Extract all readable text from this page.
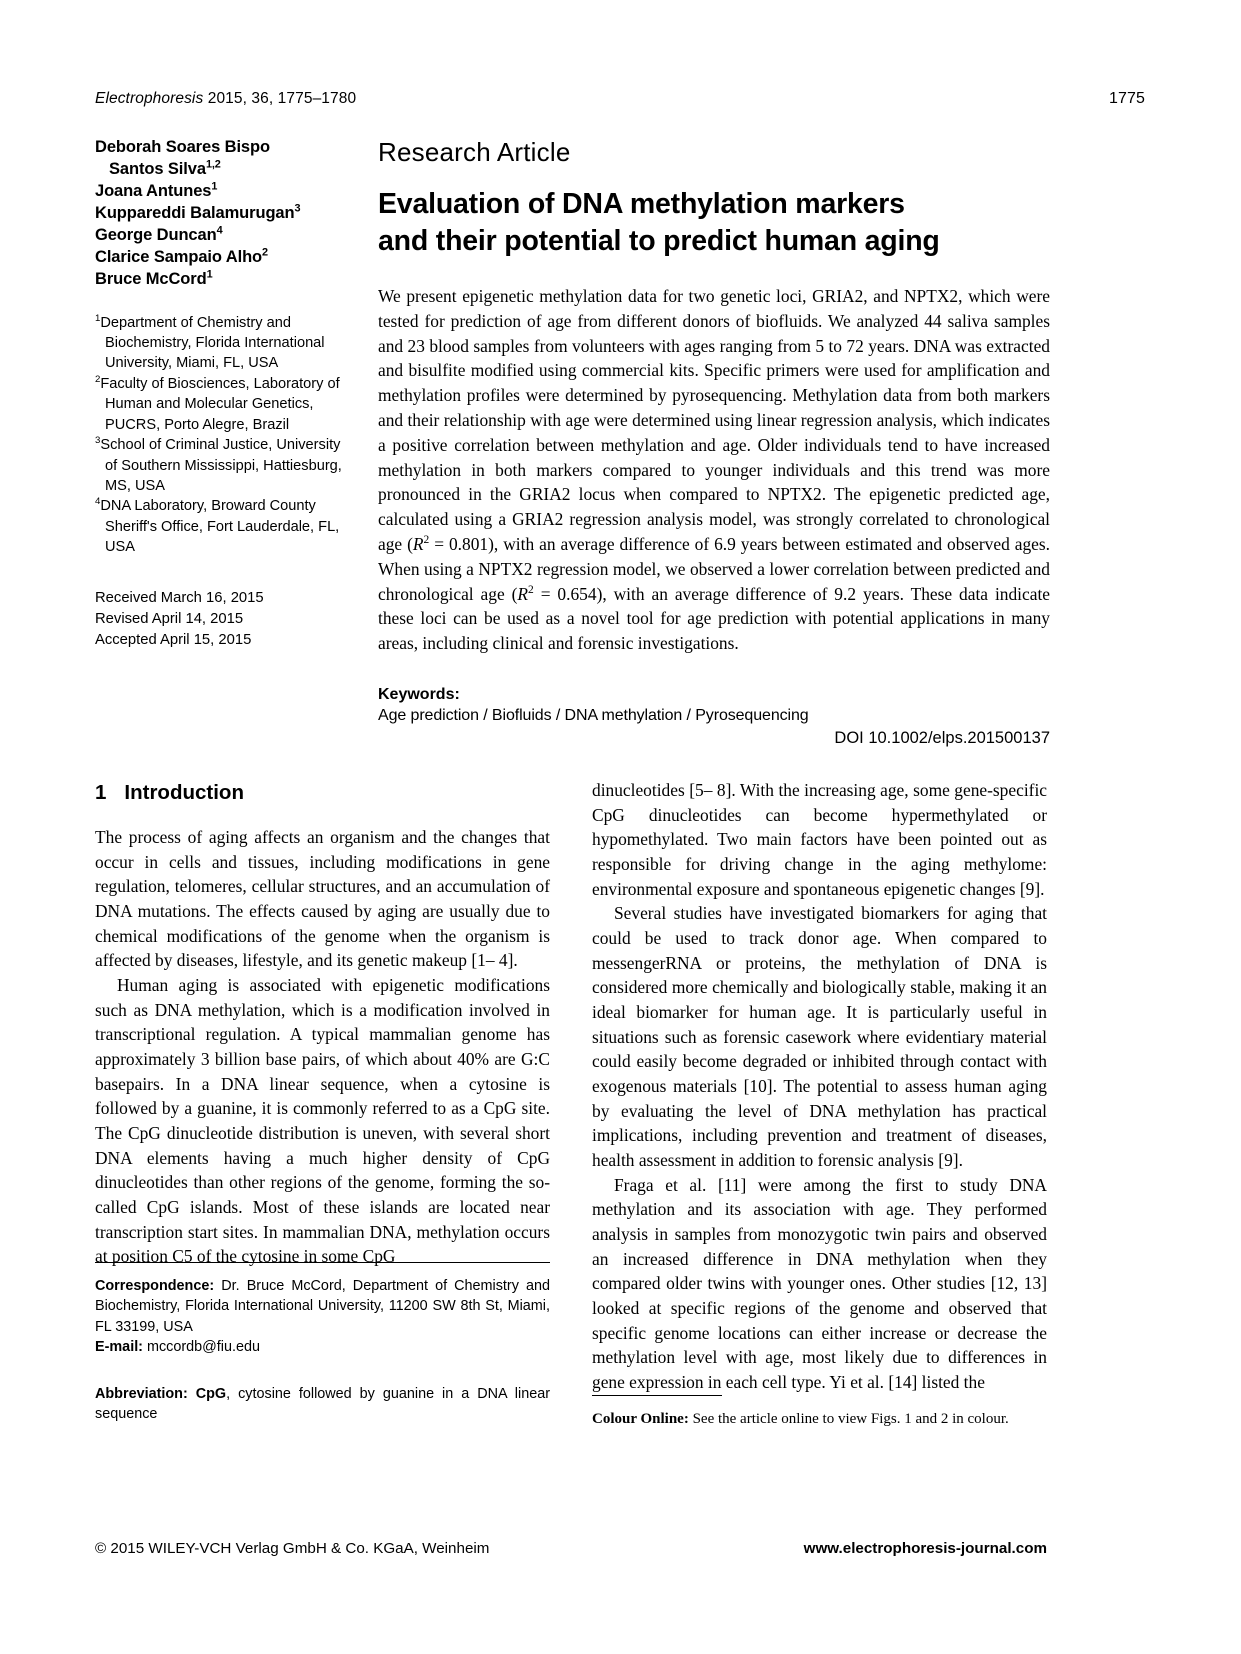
Electrophoresis 2015, 36, 1775–1780	1775
Deborah Soares Bispo
Santos Silva$^{1,2}$
Joana Antunes$^1$
Kuppareddi Balamurugan$^3$
George Duncan$^4$
Clarice Sampaio Alho$^2$
Bruce McCord$^1$
$^1$Department of Chemistry and Biochemistry, Florida International University, Miami, FL, USA
$^2$Faculty of Biosciences, Laboratory of Human and Molecular Genetics, PUCRS, Porto Alegre, Brazil
$^3$School of Criminal Justice, University of Southern Mississippi, Hattiesburg, MS, USA
$^4$DNA Laboratory, Broward County Sheriff's Office, Fort Lauderdale, FL, USA
Received March 16, 2015
Revised April 14, 2015
Accepted April 15, 2015
Research Article
Evaluation of DNA methylation markers
and their potential to predict human aging

We present epigenetic methylation data for two genetic loci, GRIA2, and NPTX2, which were tested for prediction of age from different donors of biofluids. We analyzed 44 saliva samples and 23 blood samples from volunteers with ages ranging from 5 to 72 years. DNA was extracted and bisulfite modified using commercial kits. Specific primers were used for amplification and methylation profiles were determined by pyrosequencing. Methylation data from both markers and their relationship with age were determined using linear regression analysis, which indicates a positive correlation between methylation and age. Older individuals tend to have increased methylation in both markers compared to younger individuals and this trend was more pronounced in the GRIA2 locus when compared to NPTX2. The epigenetic predicted age, calculated using a GRIA2 regression analysis model, was strongly correlated to chronological age $(R^2 = 0.801)$, with an average difference of 6.9 years between estimated and observed ages. When using a NPTX2 regression model, we observed a lower correlation between predicted and chronological age $(R^2 = 0.654)$, with an average difference of 9.2 years. These data indicate these loci can be used as a novel tool for age prediction with potential applications in many areas, including clinical and forensic investigations.

Keywords:
Age prediction / Biofluids / DNA methylation / Pyrosequencing
DOI 10.1002/elps.201500137
1 Introduction

The process of aging affects an organism and the changes that occur in cells and tissues, including modifications in gene regulation, telomeres, cellular structures, and an accumulation of DNA mutations. The effects caused by aging are usually due to chemical modifications of the genome when the organism is affected by diseases, lifestyle, and its genetic makeup [1– 4].

Human aging is associated with epigenetic modifications such as DNA methylation, which is a modification involved in transcriptional regulation. A typical mammalian genome has approximately 3 billion base pairs, of which about 40% are G:C basepairs. In a DNA linear sequence, when a cytosine is followed by a guanine, it is commonly referred to as a CpG site. The CpG dinucleotide distribution is uneven, with several short DNA elements having a much higher density of CpG dinucleotides than other regions of the genome, forming the so-called CpG islands. Most of these islands are located near transcription start sites. In mammalian DNA, methylation occurs at position C5 of the cytosine in some CpG

dinucleotides [5– 8]. With the increasing age, some gene-specific CpG dinucleotides can become hypermethylated or hypomethylated. Two main factors have been pointed out as responsible for driving change in the aging methylome: environmental exposure and spontaneous epigenetic changes [9].

Several studies have investigated biomarkers for aging that could be used to track donor age. When compared to messengerRNA or proteins, the methylation of DNA is considered more chemically and biologically stable, making it an ideal biomarker for human age. It is particularly useful in situations such as forensic casework where evidentiary material could easily become degraded or inhibited through contact with exogenous materials [10]. The potential to assess human aging by evaluating the level of DNA methylation has practical implications, including prevention and treatment of diseases, health assessment in addition to forensic analysis [9].

Fraga et al. [11] were among the first to study DNA methylation and its association with age. They performed analysis in samples from monozygotic twin pairs and observed an increased difference in DNA methylation when they compared older twins with younger ones. Other studies [12, 13] looked at specific regions of the genome and observed that specific genome locations can either increase or decrease the methylation level with age, most likely due to differences in gene expression in each cell type. Yi et al. [14] listed the

Correspondence: Dr. Bruce McCord, Department of Chemistry and Biochemistry, Florida International University, 11200 SW 8th St, Miami, FL 33199, USA
E-mail: mccordb@fiu.edu
Abbreviation: CpG, cytosine followed by guanine in a DNA linear sequence	Colour Online: See the article online to view Figs. 1 and 2 in colour.
© 2015 WILEY-VCH Verlag GmbH & Co. KGaA, Weinheim	www.electrophoresis-journal.com
